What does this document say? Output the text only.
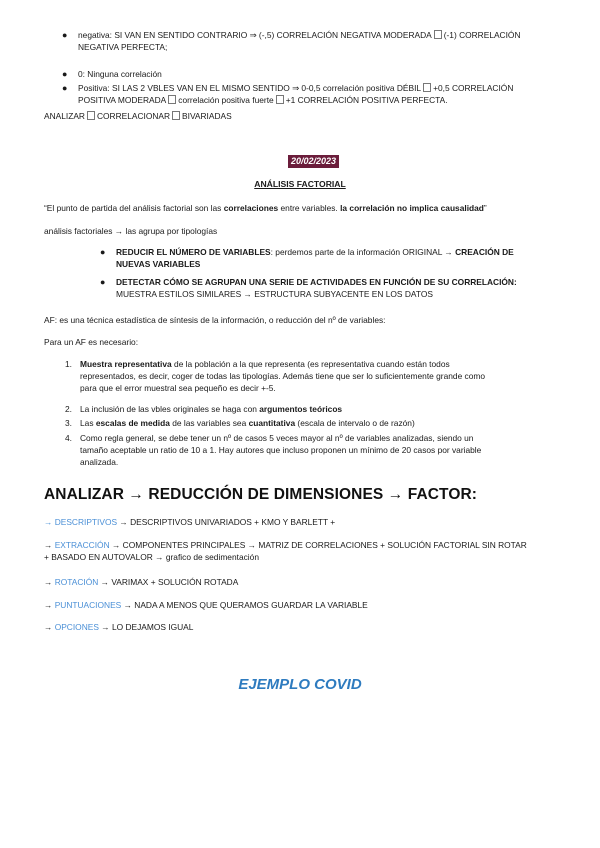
● negativa: SI VAN EN SENTIDO CONTRARIO ⇒ (-,5) CORRELACIÓN NEGATIVA MODERADA (-1) CORRELACIÓN
NEGATIVA PERFECTA;
● 0: Ninguna correlación
● Positiva: SI LAS 2 VBLES VAN EN EL MISMO SENTIDO ⇒ 0-0,5 correlación positiva DÉBIL +0,5 CORRELACIÓN
POSITIVA MODERADA correlación positiva fuerte +1 CORRELACIÓN POSITIVA PERFECTA.
ANALIZAR CORRELACIONAR BIVARIADAS
20/02/2023
ANÁLISIS FACTORIAL
“El punto de partida del análisis factorial son las correlaciones entre variables. la correlación no implica causalidad”
análisis factoriales → las agrupa por tipologías
● REDUCIR EL NÚMERO DE VARIABLES: perdemos parte de la información ORIGINAL → CREACIÓN DE
NUEVAS VARIABLES
● DETECTAR CÓMO SE AGRUPAN UNA SERIE DE ACTIVIDADES EN FUNCIÓN DE SU CORRELACIÓN:
MUESTRA ESTILOS SIMILARES → ESTRUCTURA SUBYACENTE EN LOS DATOS
AF: es una técnica estadística de síntesis de la información, o reducción del nº de variables:
Para un AF es necesario:
1. Muestra representativa de la población a la que representa (es representativa cuando están todos
representados, es decir, coger de todas las tipologías. Además tiene que ser lo suficientemente grande como
para que el error muestral sea pequeño es decir +-5.
2. La inclusión de las vbles originales se haga con argumentos teóricos
3. Las escalas de medida de las variables sea cuantitativa (escala de intervalo o de razón)
4. Como regla general, se debe tener un nº de casos 5 veces mayor al nº de variables analizadas, siendo un
tamaño aceptable un ratio de 10 a 1. Hay autores que incluso proponen un mínimo de 20 casos por variable
analizada.
ANALIZAR → REDUCCIÓN DE DIMENSIONES → FACTOR:
→ DESCRIPTIVOS → DESCRIPTIVOS UNIVARIADOS + KMO Y BARLETT +
→ EXTRACCIÓN → COMPONENTES PRINCIPALES → MATRIZ DE CORRELACIONES + SOLUCIÓN FACTORIAL SIN ROTAR
+ BASADO EN AUTOVALOR → grafico de sedimentación
→ ROTACIÓN → VARIMAX + SOLUCIÓN ROTADA
→ PUNTUACIONES → NADA A MENOS QUE QUERAMOS GUARDAR LA VARIABLE
→ OPCIONES → LO DEJAMOS IGUAL
EJEMPLO COVID
